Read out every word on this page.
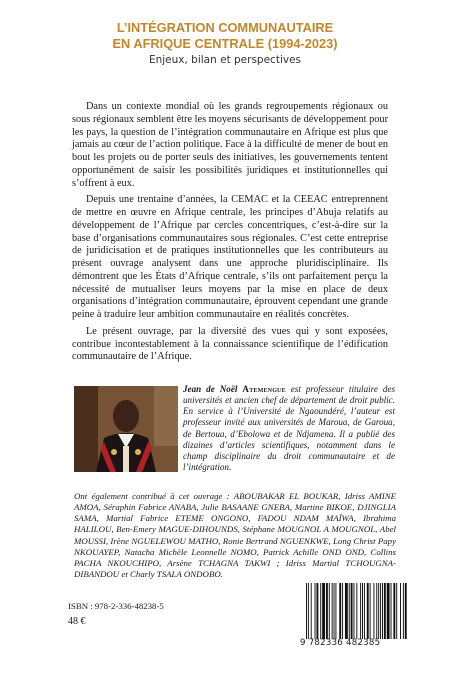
L’INTÉGRATION COMMUNAUTAIRE
EN AFRIQUE CENTRALE (1994-2023)
Enjeux, bilan et perspectives

Dans un contexte mondial où les grands regroupements régionaux ou sous régionaux semblent être les moyens sécurisants de développement pour les pays, la question de l’intégration communautaire en Afrique est plus que jamais au cœur de l’action politique. Face à la difficulté de mener de bout en bout les projets ou de porter seuls des initiatives, les gouvernements tentent opportunément de saisir les possibilités juridiques et institutionnelles qui s’offrent à eux.

Depuis une trentaine d’années, la CEMAC et la CEEAC entreprennent de mettre en œuvre en Afrique centrale, les principes d’Abuja relatifs au développement de l’Afrique par cercles concentriques, c’est-à-dire sur la base d’organisations communautaires sous régionales. C’est cette entreprise de juridicisation et de pratiques institutionnelles que les contributeurs au présent ouvrage analysent dans une approche pluridisciplinaire. Ils démontrent que les États d’Afrique centrale, s’ils ont parfaitement perçu la nécessité de mutualiser leurs moyens par la mise en place de deux organisations d’intégration communautaire, éprouvent cependant une grande peine à traduire leur ambition communautaire en réalités concrètes.

Le présent ouvrage, par la diversité des vues qui y sont exposées, contribue incontestablement à la connaissance scientifique de l’édification communautaire de l’Afrique.

Jean de Noël Atemengue est professeur titulaire des universités et ancien chef de département de droit public. En service à l’Université de Ngaoundéré, l’auteur est professeur invité aux universités de Maroua, de Garoua, de Bertoua, d’Ebolowa et de Ndjamena. Il a publié des dizaines d’articles scientifiques, notamment dans le champ disciplinaire du droit communautaire et de l’intégration.
Ont également contribué à cet ouvrage : ABOUBAKAR EL BOUKAR, Idriss AMINE AMOA, Séraphin Fabrice ANABA, Julie BASAANE GNEBA, Martine BIKOE, DJINGLIA SAMA, Martial Fabrice ETEME ONGONO, FADOU NDAM MAÏWA, Ibrahima HALILOU, Ben-Emery MAGUE-DIHOUNDS, Stéphane MOUGNOL A MOUGNOL, Abel MOUSSI, Irène NGUELEWOU MATHO, Ronie Bertrand NGUENKWE, Long Christ Papy NKOUAYEP, Natacha Michèle Leonnelle NOMO, Patrick Achille OND OND, Collins PACHA NKOUCHIPO, Arsène TCHAGNA TAKWI ; Idriss Martial TCHOUGNA-DIBANDOU et Charly TSALA ONDOBO.
ISBN : 978-2-336-48238-5
48 €
9 782336 482385
